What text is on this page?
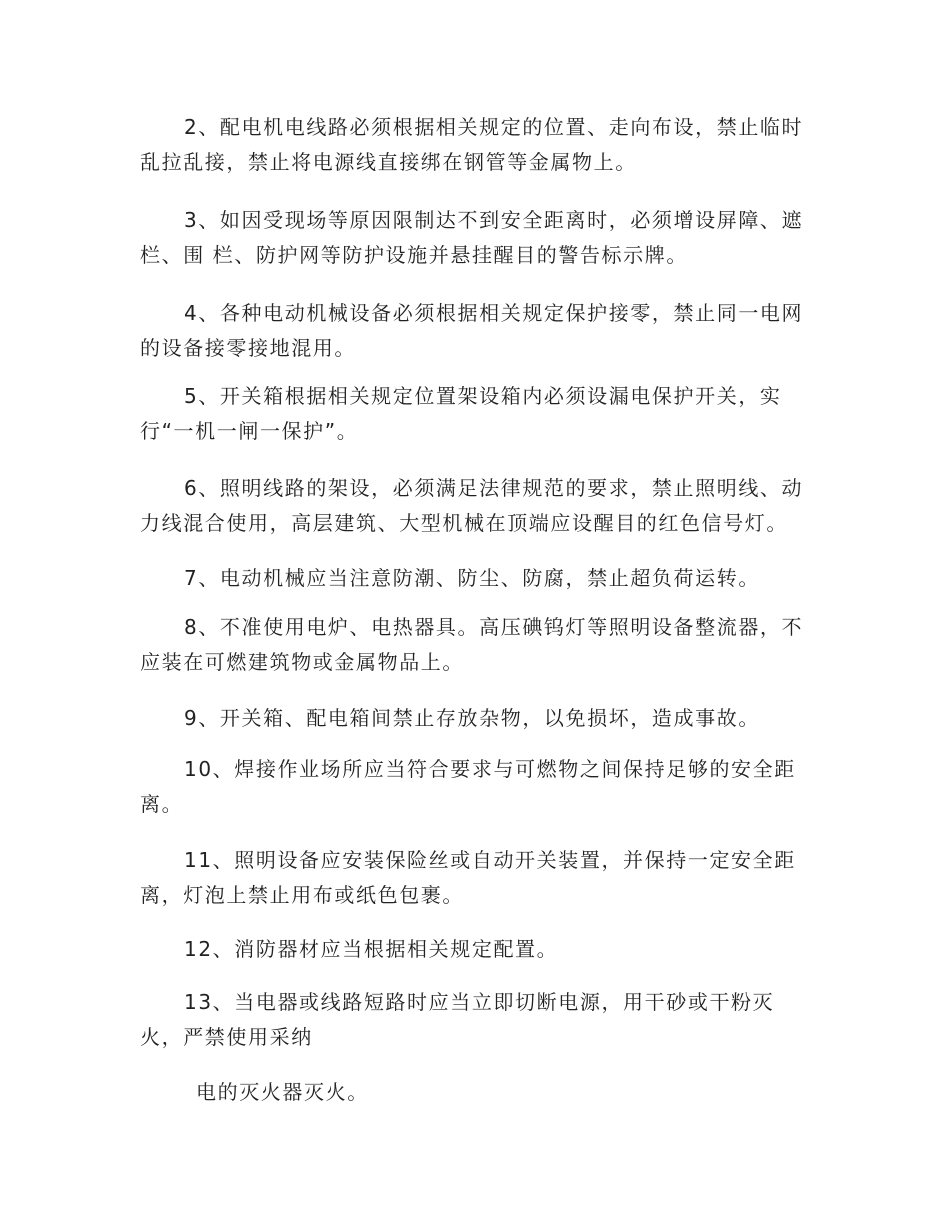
2、配电机电线路必须根据相关规定的位置、走向布设，禁止临时
乱拉乱接，禁止将电源线直接绑在钢管等金属物上。

3、如因受现场等原因限制达不到安全距离时，必须增设屏障、遮
栏、围 栏、防护网等防护设施并悬挂醒目的警告标示牌。

4、各种电动机械设备必须根据相关规定保护接零，禁止同一电网
的设备接零接地混用。

5、开关箱根据相关规定位置架设箱内必须设漏电保护开关，实
行“一机一闸一保护”。

6、照明线路的架设，必须满足法律规范的要求，禁止照明线、动
力线混合使用，高层建筑、大型机械在顶端应设醒目的红色信号灯。

7、电动机械应当注意防潮、防尘、防腐，禁止超负荷运转。

8、不准使用电炉、电热器具。高压碘钨灯等照明设备整流器，不
应装在可燃建筑物或金属物品上。

9、开关箱、配电箱间禁止存放杂物，以免损坏，造成事故。

10、焊接作业场所应当符合要求与可燃物之间保持足够的安全距
离。

11、照明设备应安装保险丝或自动开关装置，并保持一定安全距
离，灯泡上禁止用布或纸色包裹。

12、消防器材应当根据相关规定配置。

13、当电器或线路短路时应当立即切断电源，用干砂或干粉灭
火，严禁使用采纳

电的灭火器灭火。
